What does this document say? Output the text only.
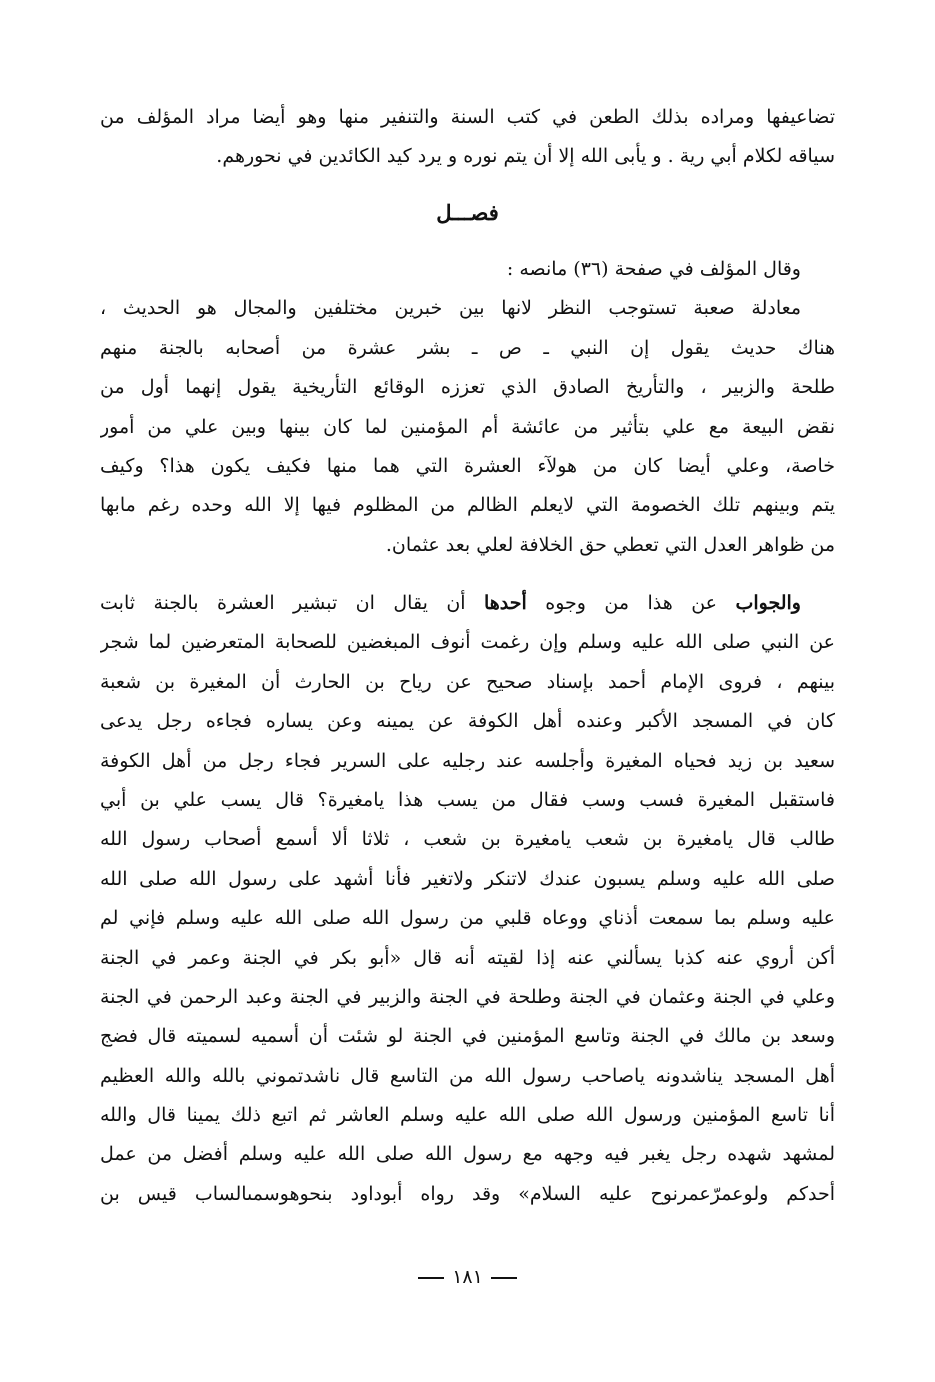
تضاعيفها ومراده بذلك الطعن في كتب السنة والتنفير منها وهو أيضا مراد المؤلف من
سياقه لكلام أبي رية . و يأبى الله إلا أن يتم نوره و يرد كيد الكائدين في نحورهم.
فصـــل
وقال المؤلف في صفحة (٣٦) مانصه :
معادلة صعبة تستوجب النظر لانها بين خبرين مختلفين والمجال هو الحديث ،
هناك حديث يقول إن النبي ـ ص ـ بشر عشرة من أصحابه بالجنة منهم
طلحة والزبير ، والتأريخ الصادق الذي تعززه الوقائع التأريخية يقول إنهما أول من
نقض البيعة مع علي بتأثير من عائشة أم المؤمنين لما كان بينها وبين علي من أمور
خاصة، وعلي أيضا كان من هولآء العشرة التي هما منها فكيف يكون هذا؟ وكيف
يتم وبينهم تلك الخصومة التي لايعلم الظالم من المظلوم فيها إلا الله وحده رغم مابها
من ظواهر العدل التي تعطي حق الخلافة لعلي بعد عثمان.
والجواب عن هذا من وجوه أحدها أن يقال ان تبشير العشرة بالجنة ثابت
عن النبي صلى الله عليه وسلم وإن رغمت أنوف المبغضين للصحابة المتعرضين لما شجر
بينهم ، فروى الإمام أحمد بإسناد صحيح عن رياح بن الحارث أن المغيرة بن شعبة
كان في المسجد الأكبر وعنده أهل الكوفة عن يمينه وعن يساره فجاءه رجل يدعى
سعيد بن زيد فحياه المغيرة وأجلسه عند رجليه على السرير فجاء رجل من أهل الكوفة
فاستقبل المغيرة فسب وسب فقال من يسب هذا يامغيرة؟ قال يسب علي بن أبي
طالب قال يامغيرة بن شعب يامغيرة بن شعب ، ثلاثا ألا أسمع أصحاب رسول الله
صلى الله عليه وسلم يسبون عندك لاتنكر ولاتغير فأنا أشهد على رسول الله صلى الله
عليه وسلم بما سمعت أذناي ووعاه قلبي من رسول الله صلى الله عليه وسلم فإني لم
أكن أروي عنه كذبا يسألني عنه إذا لقيته أنه قال «أبو بكر في الجنة وعمر في الجنة
وعلي في الجنة وعثمان في الجنة وطلحة في الجنة والزبير في الجنة وعبد الرحمن في الجنة
وسعد بن مالك في الجنة وتاسع المؤمنين في الجنة لو شئت أن أسميه لسميته قال فضج
أهل المسجد يناشدونه ياصاحب رسول الله من التاسع قال ناشدتموني بالله والله العظيم
أنا تاسع المؤمنين ورسول الله صلى الله عليه وسلم العاشر ثم اتبع ذلك يمينا قال والله
لمشهد شهده رجل يغبر فيه وجهه مع رسول الله صلى الله عليه وسلم أفضل من عمل
أحدكم ولوعمرّعمرنوح عليه السلام» وقد رواه أبوداود بنحوهوسمىالساب قيس بن
١٨١
